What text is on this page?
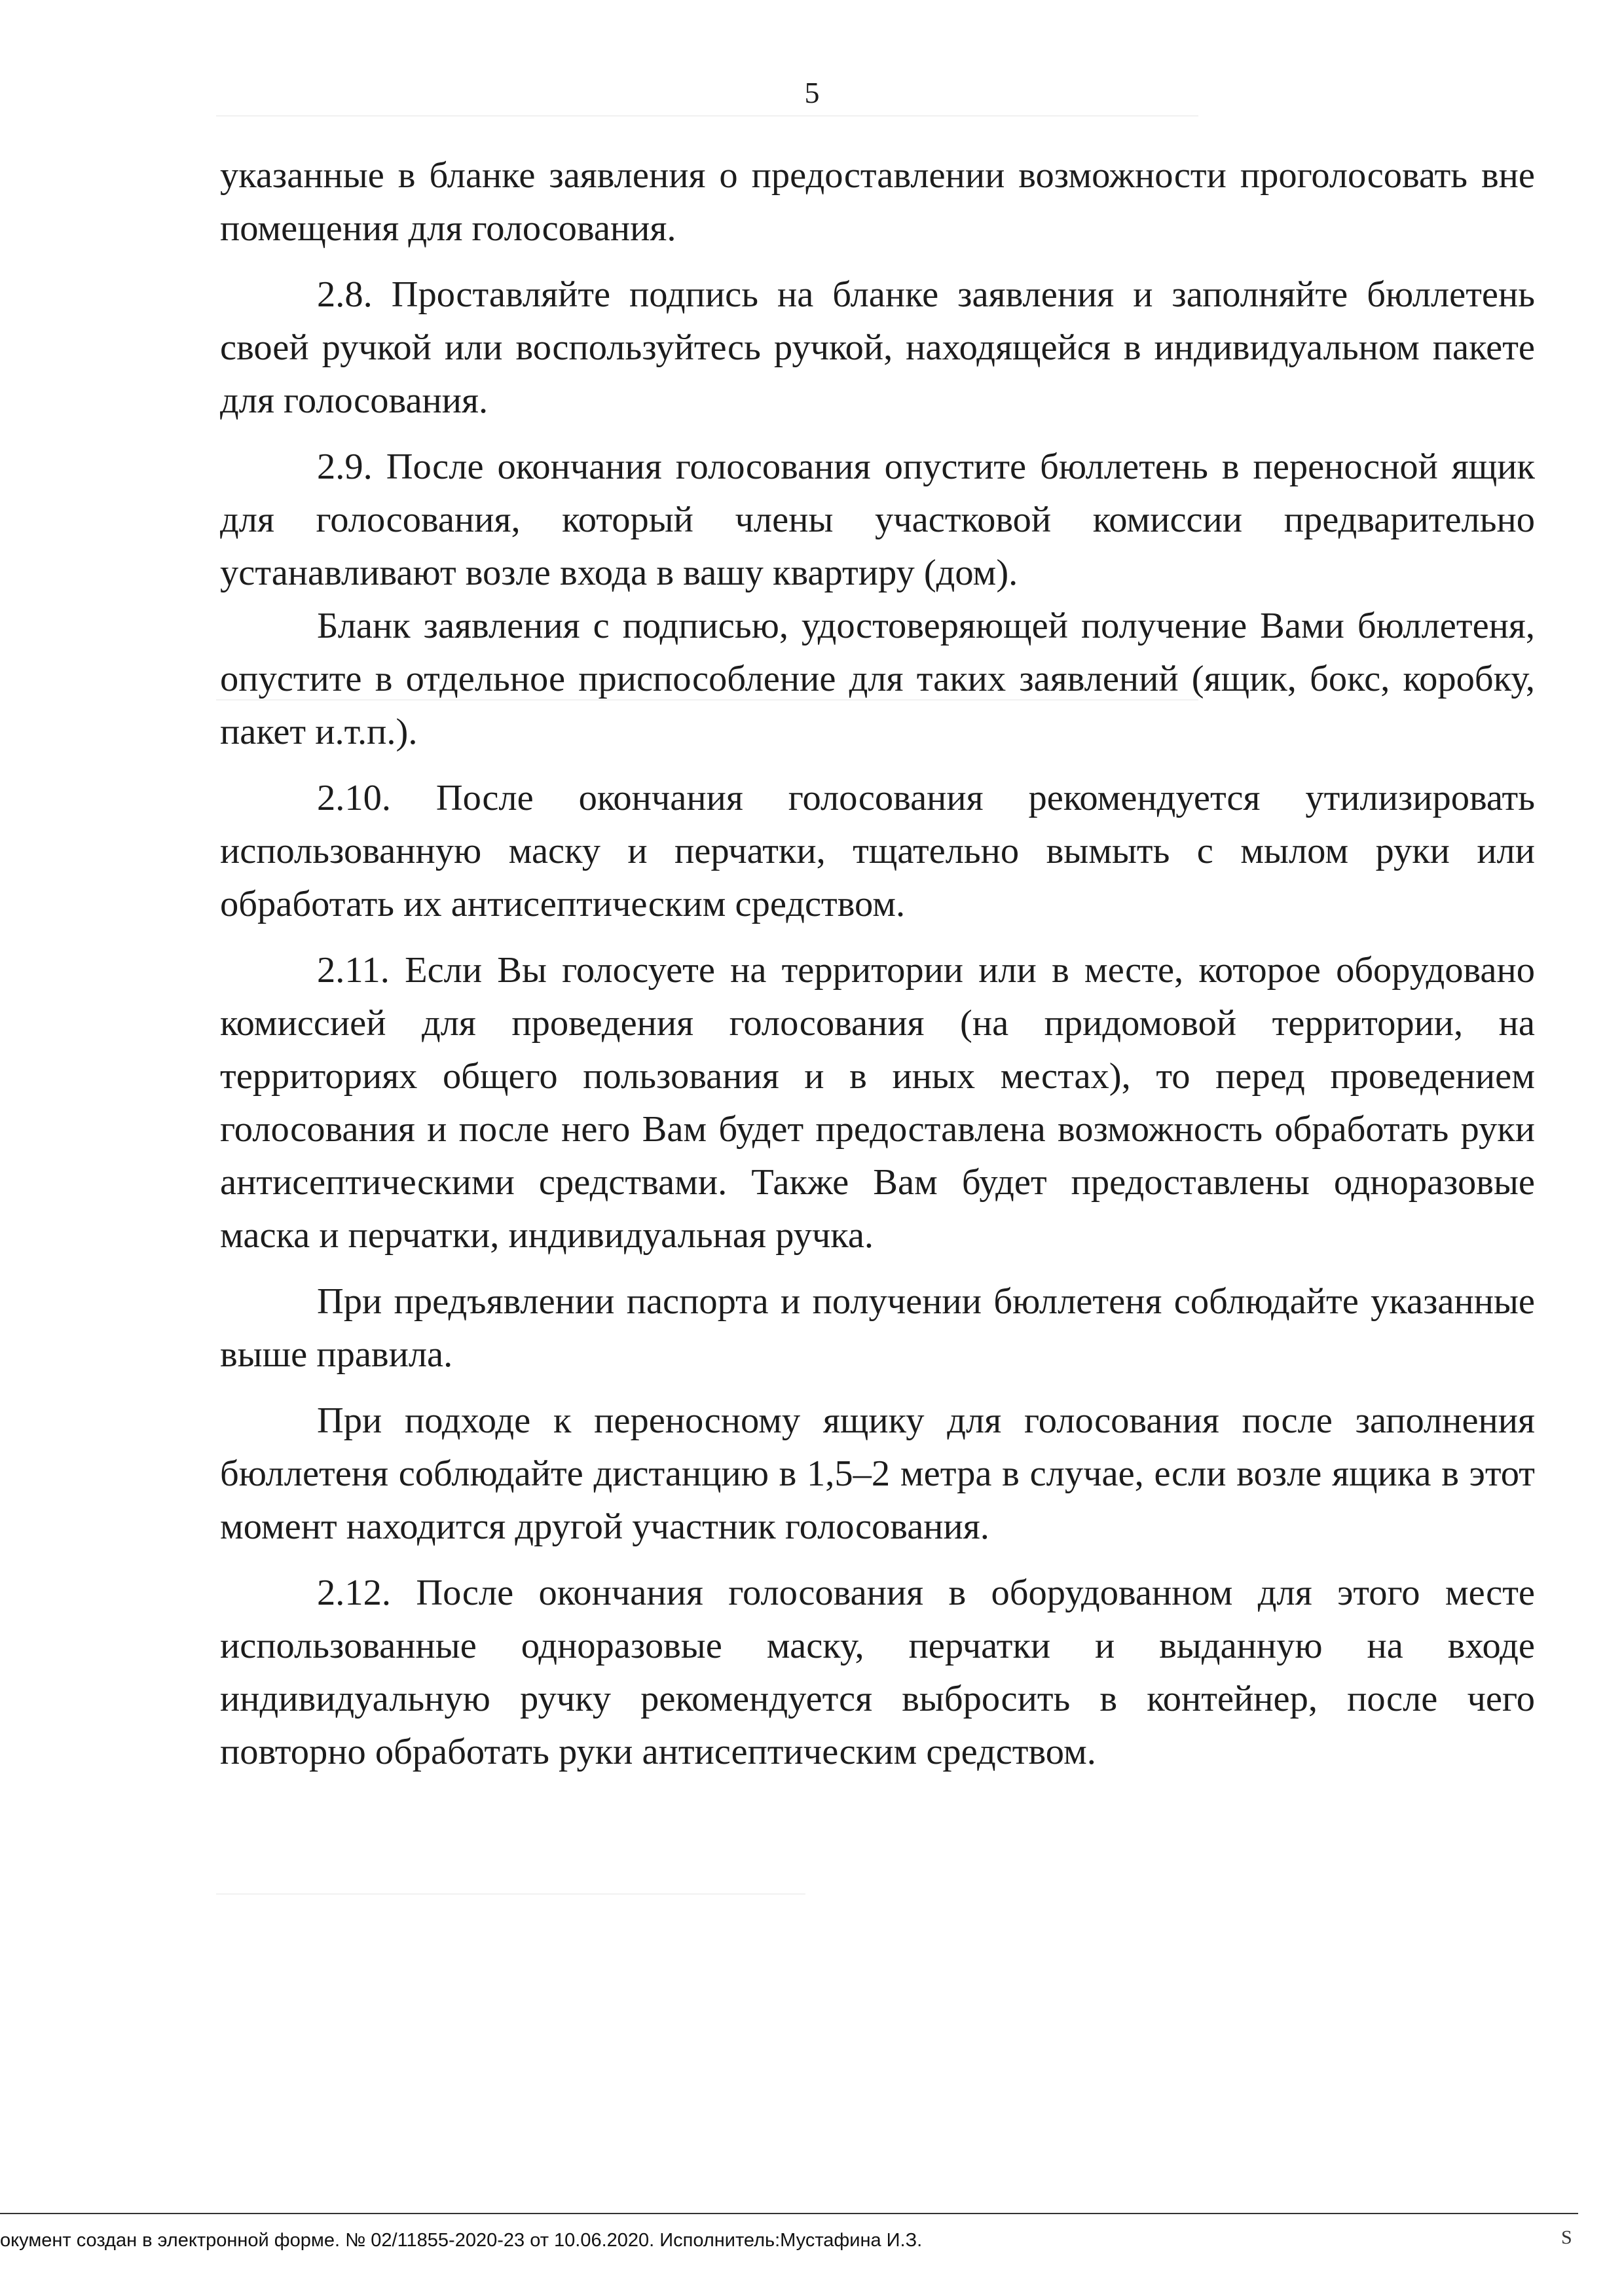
5

указанные в бланке заявления о предоставлении возможности проголосовать вне помещения для голосования.

2.8. Проставляйте подпись на бланке заявления и заполняйте бюллетень своей ручкой или воспользуйтесь ручкой, находящейся в индивидуальном пакете для голосования.

2.9. После окончания голосования опустите бюллетень в переносной ящик для голосования, который члены участковой комиссии предварительно устанавливают возле входа в вашу квартиру (дом).

Бланк заявления с подписью, удостоверяющей получение Вами бюллетеня, опустите в отдельное приспособление для таких заявлений (ящик, бокс, коробку, пакет и.т.п.).

2.10. После окончания голосования рекомендуется утилизировать использованную маску и перчатки, тщательно вымыть с мылом руки или обработать их антисептическим средством.

2.11. Если Вы голосуете на территории или в месте, которое оборудовано комиссией для проведения голосования (на придомовой территории, на территориях общего пользования и в иных местах), то перед проведением голосования и после него Вам будет предоставлена возможность обработать руки антисептическими средствами. Также Вам будет предоставлены одноразовые маска и перчатки, индивидуальная ручка.

При предъявлении паспорта и получении бюллетеня соблюдайте указанные выше правила.

При подходе к переносному ящику для голосования после заполнения бюллетеня соблюдайте дистанцию в 1,5–2 метра в случае, если возле ящика в этот момент находится другой участник голосования.

2.12. После окончания голосования в оборудованном для этого месте использованные одноразовые маску, перчатки и выданную на входе индивидуальную ручку рекомендуется выбросить в контейнер, после чего повторно обработать руки антисептическим средством.

окумент создан в электронной форме. № 02/11855-2020-23 от 10.06.2020. Исполнитель:Мустафина И.З.	S
